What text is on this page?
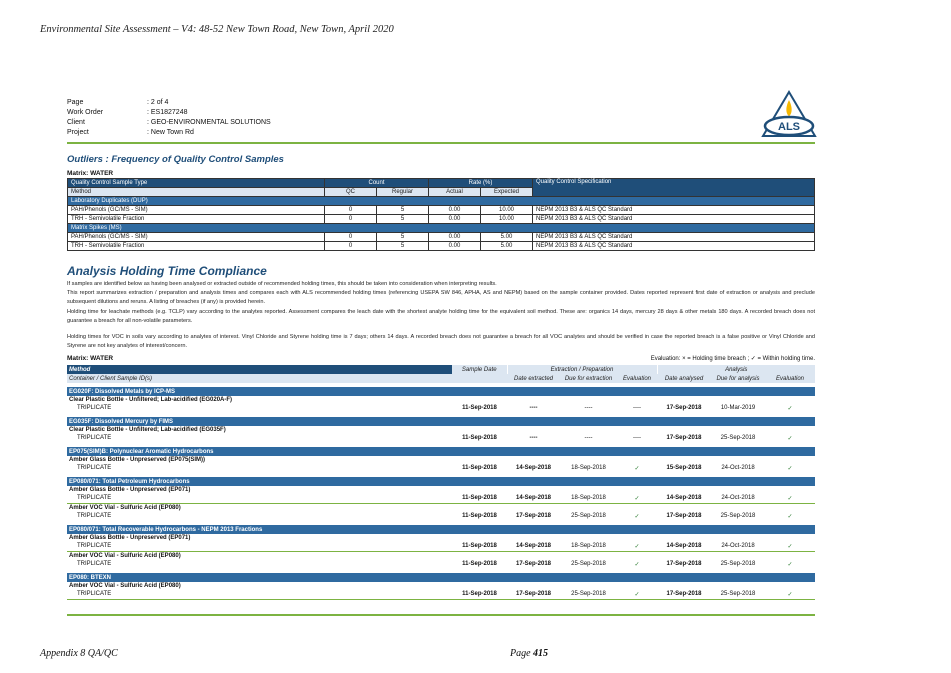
Environmental Site Assessment – V4: 48-52 New Town Road, New Town, April 2020
Page	: 2 of 4
Work Order	: ES1827248
Client	: GEO-ENVIRONMENTAL SOLUTIONS
Project	: New Town Rd	ALS
Outliers : Frequency of Quality Control Samples
Matrix: WATER
Quality Control Sample Type	Count		Rate (%)		Quality Control Specification
Method	QC	Regular	Actual	Expected	
Laboratory Duplicates (DUP)					
PAH/Phenols (GC/MS - SIM)	0	5	0.00	10.00	NEPM 2013 B3 & ALS QC Standard
TRH - Semivolatile Fraction	0	5	0.00	10.00	NEPM 2013 B3 & ALS QC Standard
Matrix Spikes (MS)					
PAH/Phenols (GC/MS - SIM)	0	5	0.00	5.00	NEPM 2013 B3 & ALS QC Standard
TRH - Semivolatile Fraction	0	5	0.00	5.00	NEPM 2013 B3 & ALS QC Standard
Analysis Holding Time Compliance
If samples are identified below as having been analysed or extracted outside of recommended holding times, this should be taken into consideration when interpreting results.
This report summarizes extraction / preparation and analysis times and compares each with ALS recommended holding times (referencing USEPA SW 846, APHA, AS and NEPM) based on the sample container provided. Dates reported represent first date of extraction or analysis and preclude subsequent dilutions and reruns. A listing of breaches (if any) is provided herein.
Holding time for leachate methods (e.g. TCLP) vary according to the analytes reported. Assessment compares the leach date with the shortest analyte holding time for the equivalent soil method. These are: organics 14 days, mercury 28 days & other metals 180 days. A recorded breach does not guarantee a breach for all non-volatile parameters.
Holding times for VOC in soils vary according to analytes of interest. Vinyl Chloride and Styrene holding time is 7 days; others 14 days. A recorded breach does not guarantee a breach for all VOC analytes and should be verified in case the reported breach is a false positive or Vinyl Chloride and Styrene are not key analytes of interest/concern.
Matrix: WATER	Evaluation: × = Holding time breach ; ✓ = Within holding time.
Method	Sample Date	Extraction / Preparation			Analysis		
Container / Client Sample ID(s)		Date extracted	Due for extraction	Evaluation	Date analysed	Due for analysis	Evaluation
EG020F: Dissolved Metals by ICP-MS							
Clear Plastic Bottle - Unfiltered; Lab-acidified (EG020A-F)							
TRIPLICATE	11-Sep-2018	----	----	----	17-Sep-2018	10-Mar-2019	✓
EG035F: Dissolved Mercury by FIMS							
Clear Plastic Bottle - Unfiltered; Lab-acidified (EG035F)							
TRIPLICATE	11-Sep-2018	----	----	----	17-Sep-2018	25-Sep-2018	✓
EP075(SIM)B: Polynuclear Aromatic Hydrocarbons							
Amber Glass Bottle - Unpreserved (EP075(SIM))							
TRIPLICATE	11-Sep-2018	14-Sep-2018	18-Sep-2018	✓	15-Sep-2018	24-Oct-2018	✓
EP080/071: Total Petroleum Hydrocarbons							
Amber Glass Bottle - Unpreserved (EP071)							
TRIPLICATE	11-Sep-2018	14-Sep-2018	18-Sep-2018	✓	14-Sep-2018	24-Oct-2018	✓
Amber VOC Vial - Sulfuric Acid (EP080)							
TRIPLICATE	11-Sep-2018	17-Sep-2018	25-Sep-2018	✓	17-Sep-2018	25-Sep-2018	✓
EP080/071: Total Recoverable Hydrocarbons - NEPM 2013 Fractions							
Amber Glass Bottle - Unpreserved (EP071)							
TRIPLICATE	11-Sep-2018	14-Sep-2018	18-Sep-2018	✓	14-Sep-2018	24-Oct-2018	✓
Amber VOC Vial - Sulfuric Acid (EP080)							
TRIPLICATE	11-Sep-2018	17-Sep-2018	25-Sep-2018	✓	17-Sep-2018	25-Sep-2018	✓
EP080: BTEXN							
Amber VOC Vial - Sulfuric Acid (EP080)							
TRIPLICATE	11-Sep-2018	17-Sep-2018	25-Sep-2018	✓	17-Sep-2018	25-Sep-2018	✓
Appendix 8 QA/QC	Page 415
